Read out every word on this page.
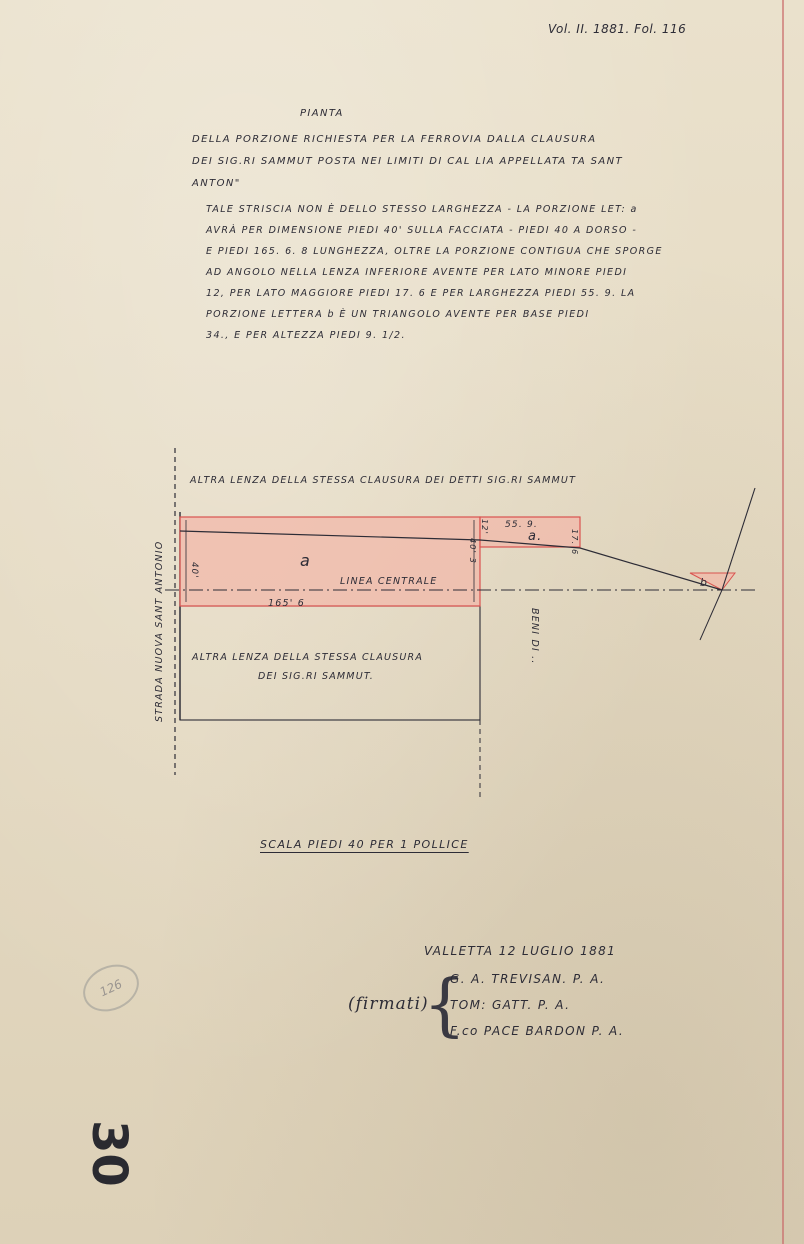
Vol. II. 1881. Fol. 116
PIANTA
DELLA PORZIONE RICHIESTA PER LA FERROVIA DALLA CLAUSURA
DEI SIG.RI SAMMUT POSTA NEI LIMITI DI CAL LIA APPELLATA TA SANT
ANTON"
TALE STRISCIA NON È DELLO STESSO LARGHEZZA - LA PORZIONE LET: a
AVRÀ PER DIMENSIONE PIEDI 40' SULLA FACCIATA - PIEDI 40 A DORSO -
E PIEDI 165. 6. 8 LUNGHEZZA, OLTRE LA PORZIONE CONTIGUA CHE SPORGE
AD ANGOLO NELLA LENZA INFERIORE AVENTE PER LATO MINORE PIEDI
12, PER LATO MAGGIORE PIEDI 17. 6 E PER LARGHEZZA PIEDI 55. 9. LA
PORZIONE LETTERA b È UN TRIANGOLO AVENTE PER BASE PIEDI
34., E PER ALTEZZA PIEDI 9. 1/2.
ALTRA LENZA DELLA STESSA CLAUSURA DEI DETTI SIG.RI SAMMUT
ALTRA LENZA DELLA STESSA CLAUSURA
DEI SIG.RI SAMMUT.
LINEA CENTRALE
a
a.
b
165' 6
55. 9.
40'
40' 3
12'
17. 6
BENI DI ..
STRADA NUOVA SANT ANTONIO
SCALA PIEDI 40 PER 1 POLLICE
VALLETTA 12 LUGLIO 1881
(firmati)
{
G. A. TREVISAN. P. A.
TOM: GATT. P. A.
F.co PACE BARDON P. A.
126
30
